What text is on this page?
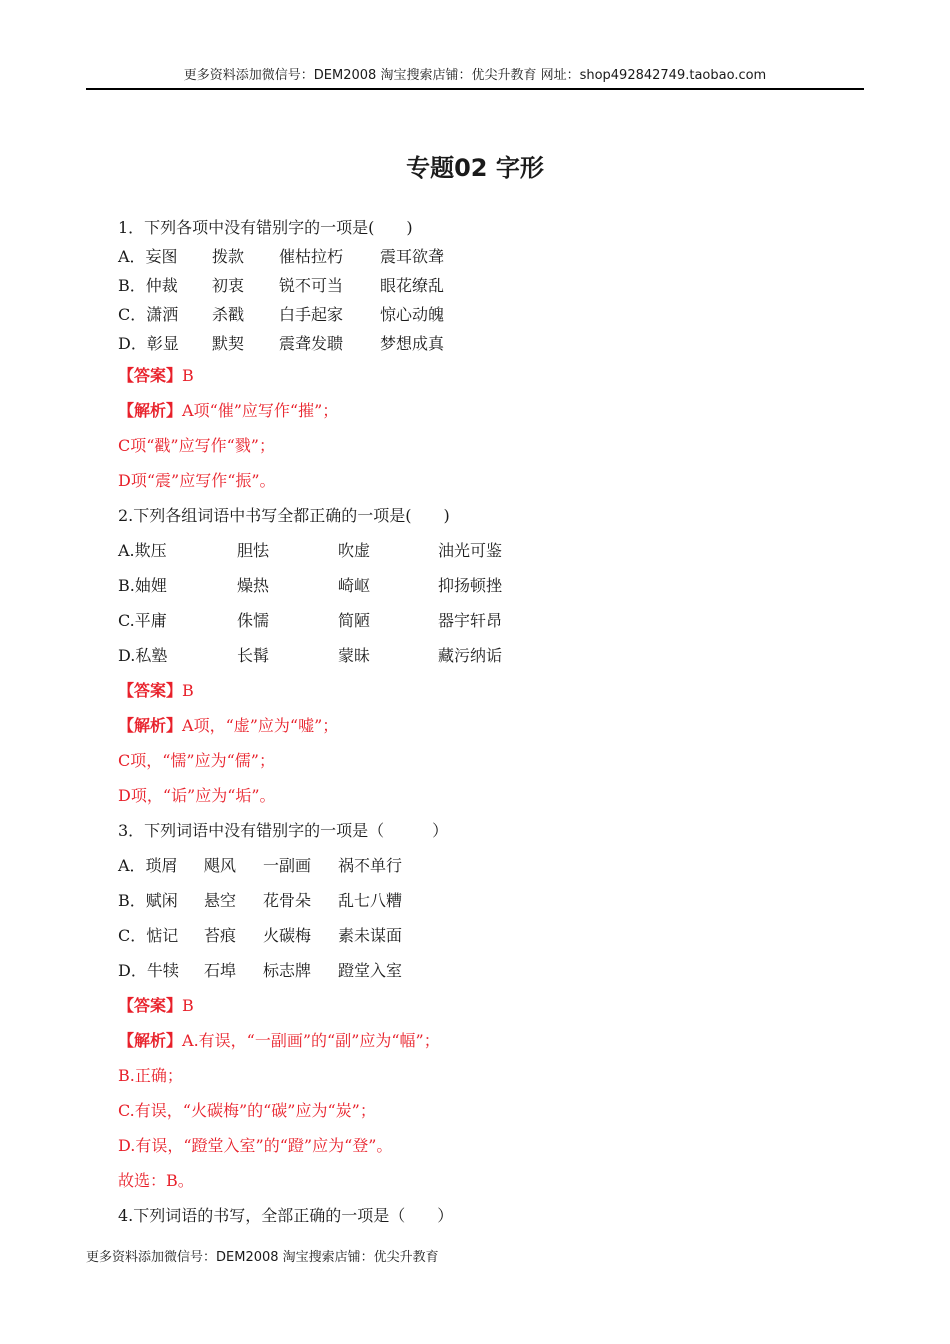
更多资料添加微信号：DEM2008 淘宝搜索店铺：优尖升教育 网址：shop492842749.taobao.com
专题02 字形
1．下列各项中没有错别字的一项是(　　)
A．妄图 拨款 催枯拉朽 震耳欲聋
B．仲裁 初衷 锐不可当 眼花缭乱
C．潇洒 杀戳 白手起家 惊心动魄
D．彰显 默契 震聋发聩 梦想成真
【答案】B
【解析】A项“催”应写作“摧”；
C项“戳”应写作“戮”；
D项“震”应写作“振”。
2.下列各组词语中书写全都正确的一项是(　　)
A.欺压	胆怯	吹虚	油光可鉴
B.妯娌	燥热	崎岖	抑扬顿挫
C.平庸	侏懦	简陋	器宇轩昂
D.私塾	长髯	蒙昧	藏污纳诟
【答案】B
【解析】A项，“虚”应为“嘘”；
C项，“懦”应为“儒”；
D项，“诟”应为“垢”。
3．下列词语中没有错别字的一项是（　　　）
A．琐屑 飓风 一副画 祸不单行
B．赋闲 悬空 花骨朵 乱七八糟
C．惦记 苔痕 火碳梅 素未谋面
D．牛犊 石埠 标志牌 蹬堂入室
【答案】B
【解析】A.有误，“一副画”的“副”应为“幅”；
B.正确；
C.有误，“火碳梅”的“碳”应为“炭”；
D.有误，“蹬堂入室”的“蹬”应为“登”。
故选：B。
4.下列词语的书写，全部正确的一项是（　　）
更多资料添加微信号：DEM2008 淘宝搜索店铺：优尖升教育
